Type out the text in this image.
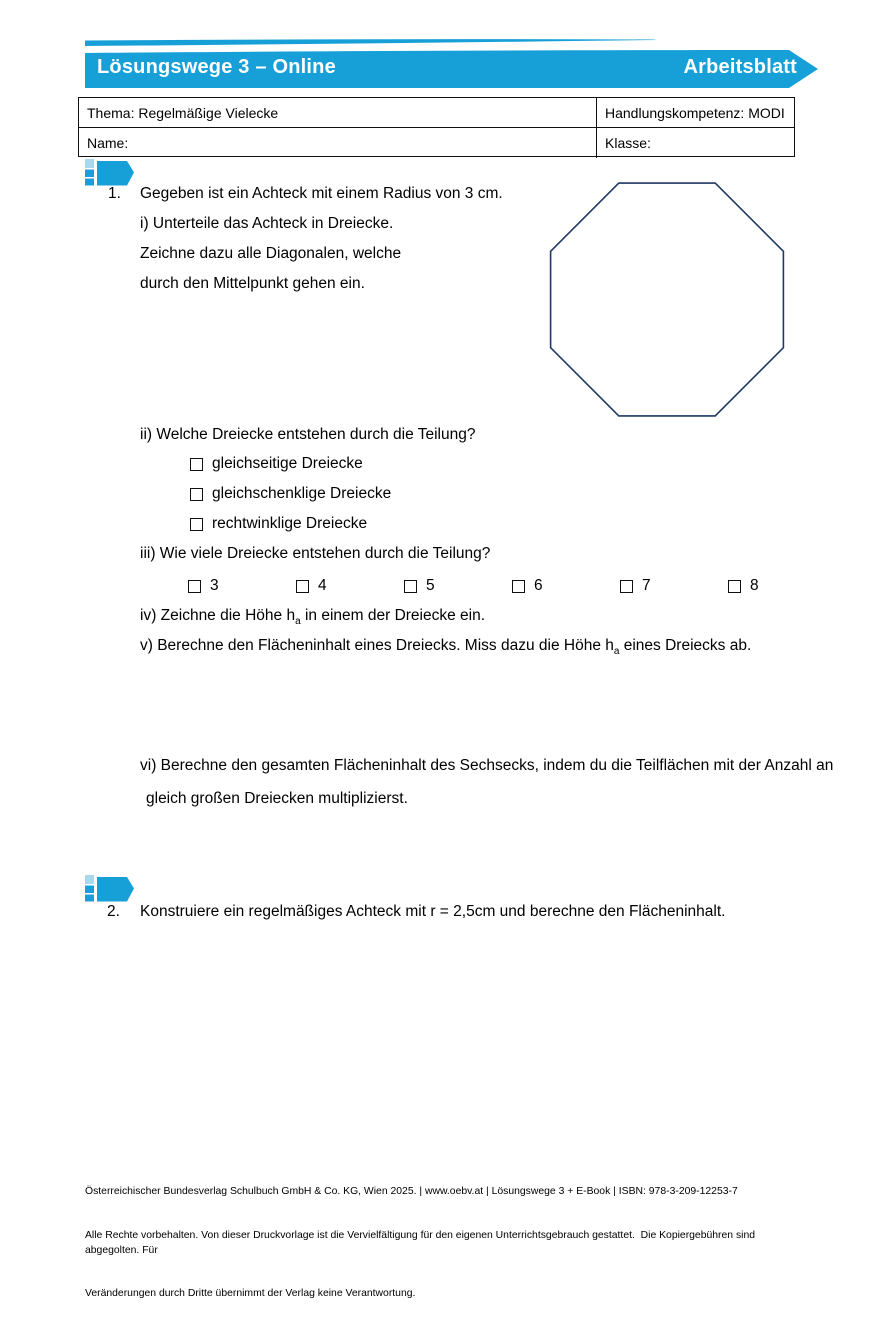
Lösungswege 3 – Online	Arbeitsblatt
Thema: Regelmäßige Vielecke	Handlungskompetenz: MODI
Name:	Klasse:
1. Gegeben ist ein Achteck mit einem Radius von 3 cm.
i) Unterteile das Achteck in Dreiecke.
Zeichne dazu alle Diagonalen, welche
durch den Mittelpunkt gehen ein.
ii) Welche Dreiecke entstehen durch die Teilung?
gleichseitige Dreiecke
gleichschenklige Dreiecke
rechtwinklige Dreiecke
iii) Wie viele Dreiecke entstehen durch die Teilung?
3	4	5	6	7	8
iv) Zeichne die Höhe $h_a$ in einem der Dreiecke ein.
v) Berechne den Flächeninhalt eines Dreiecks. Miss dazu die Höhe $h_a$ eines Dreiecks ab.
vi) Berechne den gesamten Flächeninhalt des Sechsecks, indem du die Teilflächen mit der Anzahl an
gleich großen Dreiecken multiplizierst.
2. Konstruiere ein regelmäßiges Achteck mit r = 2,5cm und berechne den Flächeninhalt.

Österreichischer Bundesverlag Schulbuch GmbH & Co. KG, Wien 2025. | www.oebv.at | Lösungswege 3 + E-Book | ISBN: 978-3-209-12253-7

Alle Rechte vorbehalten. Von dieser Druckvorlage ist die Vervielfältigung für den eigenen Unterrichtsgebrauch gestattet.  Die Kopiergebühren sind abgegolten. Für

Veränderungen durch Dritte übernimmt der Verlag keine Verantwortung.
